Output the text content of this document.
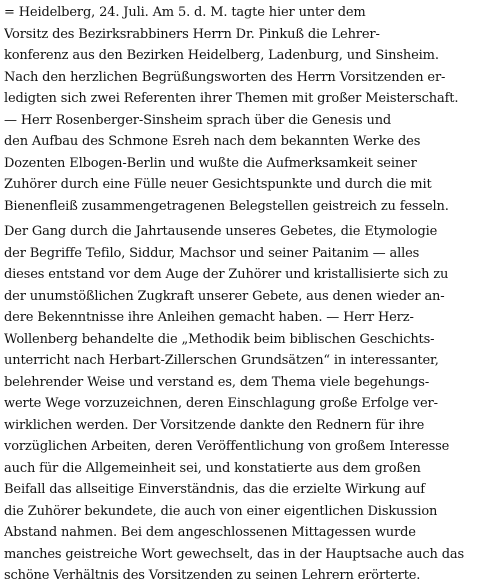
= Heidelberg, 24. Juli. Am 5. d. M. tagte hier unter dem
Vorsitz des Bezirksrabbiners Herrn Dr. Pinkuß die Lehrer-
konferenz aus den Bezirken Heidelberg, Ladenburg, und Sinsheim.
Nach den herzlichen Begrüßungsworten des Herrn Vorsitzenden er-
ledigten sich zwei Referenten ihrer Themen mit großer Meisterschaft.
— Herr Rosenberger-Sinsheim sprach über die Genesis und
den Aufbau des Schmone Esreh nach dem bekannten Werke des
Dozenten Elbogen-Berlin und wußte die Aufmerksamkeit seiner
Zuhörer durch eine Fülle neuer Gesichtspunkte und durch die mit
Bienenfleiß zusammengetragenen Belegstellen geistreich zu fesseln.

Der Gang durch die Jahrtausende unseres Gebetes, die Etymologie
der Begriffe Tefilo, Siddur, Machsor und seiner Paitanim — alles
dieses entstand vor dem Auge der Zuhörer und kristallisierte sich zu
der unumstößlichen Zugkraft unserer Gebete, aus denen wieder an-
dere Bekenntnisse ihre Anleihen gemacht haben. — Herr Herz-
Wollenberg behandelte die „Methodik beim biblischen Geschichts-
unterricht nach Herbart-Zillerschen Grundsätzen“ in interessanter,
belehrender Weise und verstand es, dem Thema viele begehungs-
werte Wege vorzuzeichnen, deren Einschlagung große Erfolge ver-
wirklichen werden. Der Vorsitzende dankte den Rednern für ihre
vorzüglichen Arbeiten, deren Veröffentlichung von großem Interesse
auch für die Allgemeinheit sei, und konstatierte aus dem großen
Beifall das allseitige Einverständnis, das die erzielte Wirkung auf
die Zuhörer bekundete, die auch von einer eigentlichen Diskussion
Abstand nahmen. Bei dem angeschlossenen Mittagessen wurde
manches geistreiche Wort gewechselt, das in der Hauptsache auch das
schöne Verhältnis des Vorsitzenden zu seinen Lehrern erörterte.
